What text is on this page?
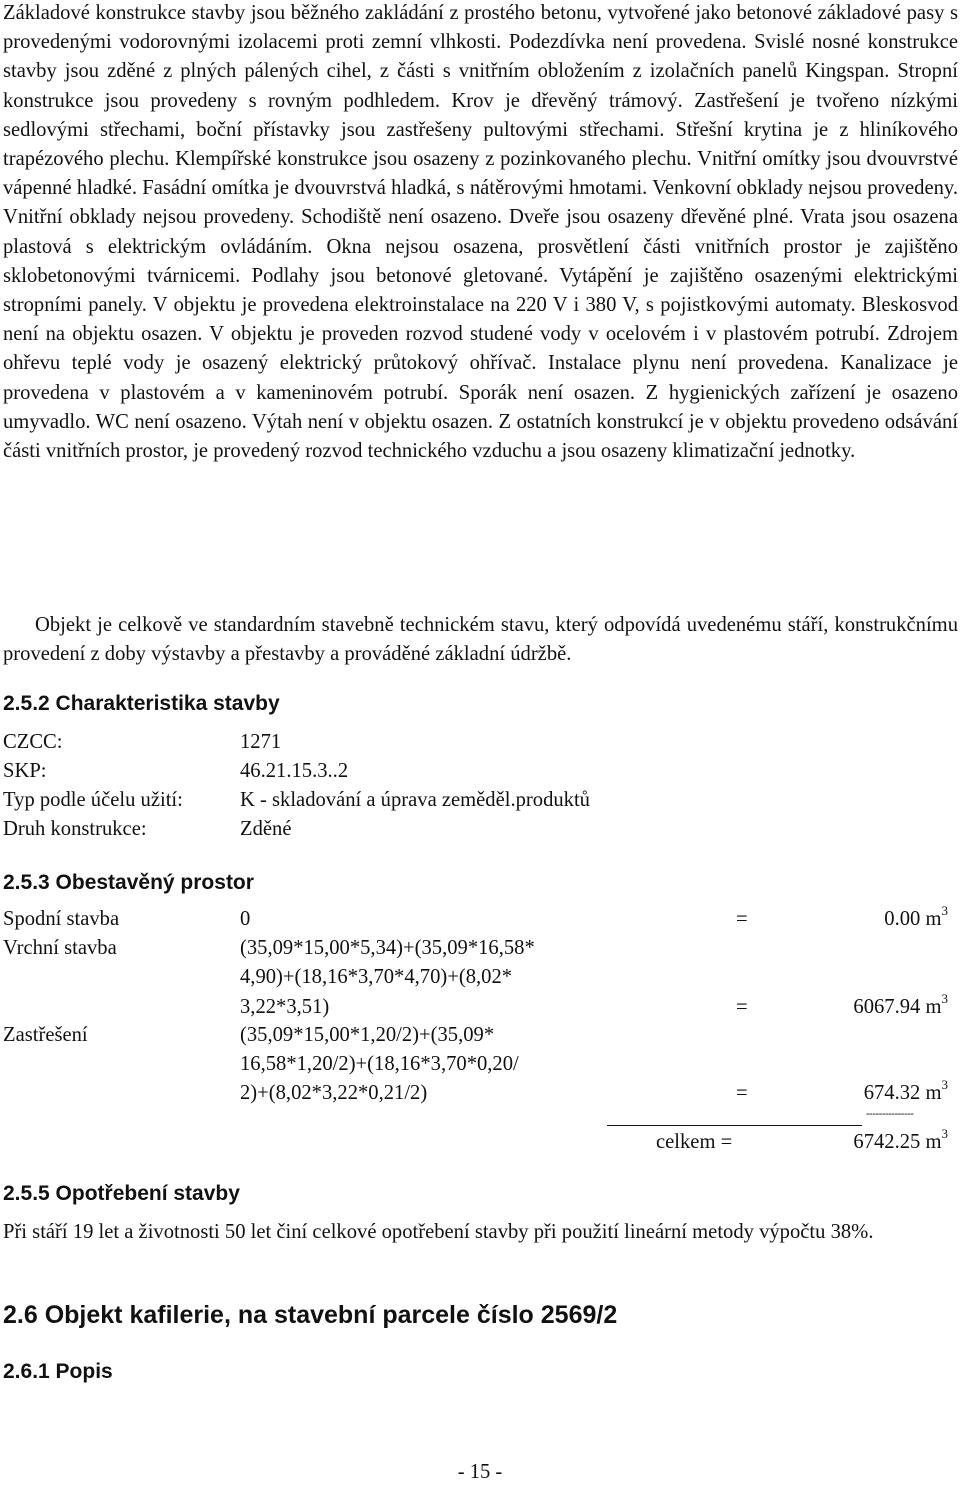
Základové konstrukce stavby jsou běžného zakládání z prostého betonu, vytvořené jako betonové základové pasy s provedenými vodorovnými izolacemi proti zemní vlhkosti. Podezdívka není provedena. Svislé nosné konstrukce stavby jsou zděné z plných pálených cihel, z části s vnitřním obložením z izolačních panelů Kingspan. Stropní konstrukce jsou provedeny s rovným podhledem. Krov je dřevěný trámový. Zastřešení je tvořeno nízkými sedlovými střechami, boční přístavky jsou zastřešeny pultovými střechami. Střešní krytina je z hliníkového trapézového plechu. Klempířské konstrukce jsou osazeny z pozinkovaného plechu. Vnitřní omítky jsou dvouvrstvé vápenné hladké. Fasádní omítka je dvouvrstvá hladká, s nátěrovými hmotami. Venkovní obklady nejsou provedeny. Vnitřní obklady nejsou provedeny. Schodiště není osazeno. Dveře jsou osazeny dřevěné plné. Vrata jsou osazena plastová s elektrickým ovládáním. Okna nejsou osazena, prosvětlení části vnitřních prostor je zajištěno sklobetonovými tvárnicemi. Podlahy jsou betonové gletované. Vytápění je zajištěno osazenými elektrickými stropními panely. V objektu je provedena elektroinstalace na 220 V i 380 V, s pojistkovými automaty. Bleskosvod není na objektu osazen. V objektu je proveden rozvod studené vody v ocelovém i v plastovém potrubí. Zdrojem ohřevu teplé vody je osazený elektrický průtokový ohřívač. Instalace plynu není provedena. Kanalizace je provedena v plastovém a v kameninovém potrubí. Sporák není osazen. Z hygienických zařízení je osazeno umyvadlo. WC není osazeno. Výtah není v objektu osazen. Z ostatních konstrukcí je v objektu provedeno odsávání části vnitřních prostor, je provedený rozvod technického vzduchu a jsou osazeny klimatizační jednotky.

Objekt je celkově ve standardním stavebně technickém stavu, který odpovídá uvedenému stáří, konstrukčnímu provedení z doby výstavby a přestavby a prováděné základní údržbě.

2.5.2 Charakteristika stavby
CZCC:	1271
SKP:	46.21.15.3..2
Typ podle účelu užití:	K - skladování a úprava zeměděl.produktů
Druh konstrukce:	Zděné
2.5.3 Obestavěný prostor
Spodní stavba	0	=	0.00 $m^3$
Vrchní stavba	(35,09*15,00*5,34)+(35,09*16,58*
4,90)+(18,16*3,70*4,70)+(8,02*
3,22*3,51)	=	6067.94 $m^3$
Zastřešení	(35,09*15,00*1,20/2)+(35,09*
16,58*1,20/2)+(18,16*3,70*0,20/
2)+(8,02*3,22*0,21/2)	=	674.32 $m^3$
---------------
celkem =	6742.25 $m^3$
2.5.5 Opotřebení stavby

Při stáří 19 let a životnosti 50 let činí celkové opotřebení stavby při použití lineární metody výpočtu 38%.

2.6 Objekt kafilerie, na stavební parcele číslo 2569/2
2.6.1 Popis
- 15 -
